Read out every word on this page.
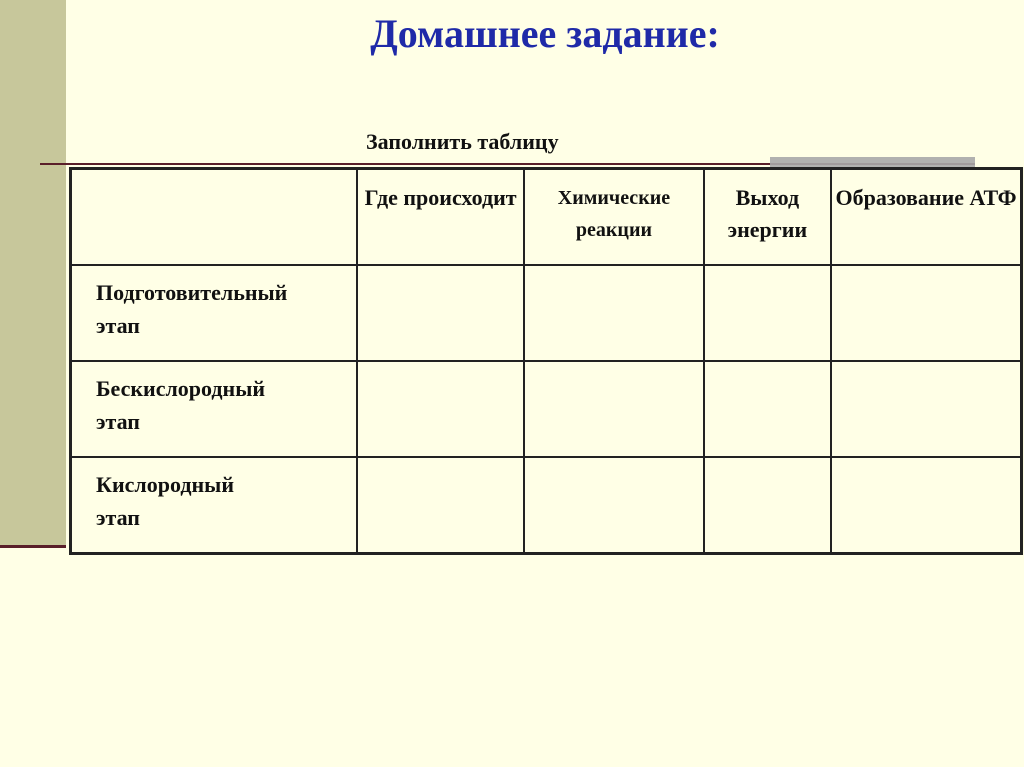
Домашнее задание:
Заполнить таблицу
	Где происходит	Химические реакции	Выход энергии	Образование АТФ
Подготовительный
этап				
Бескислородный
этап				
Кислородный
этап				
